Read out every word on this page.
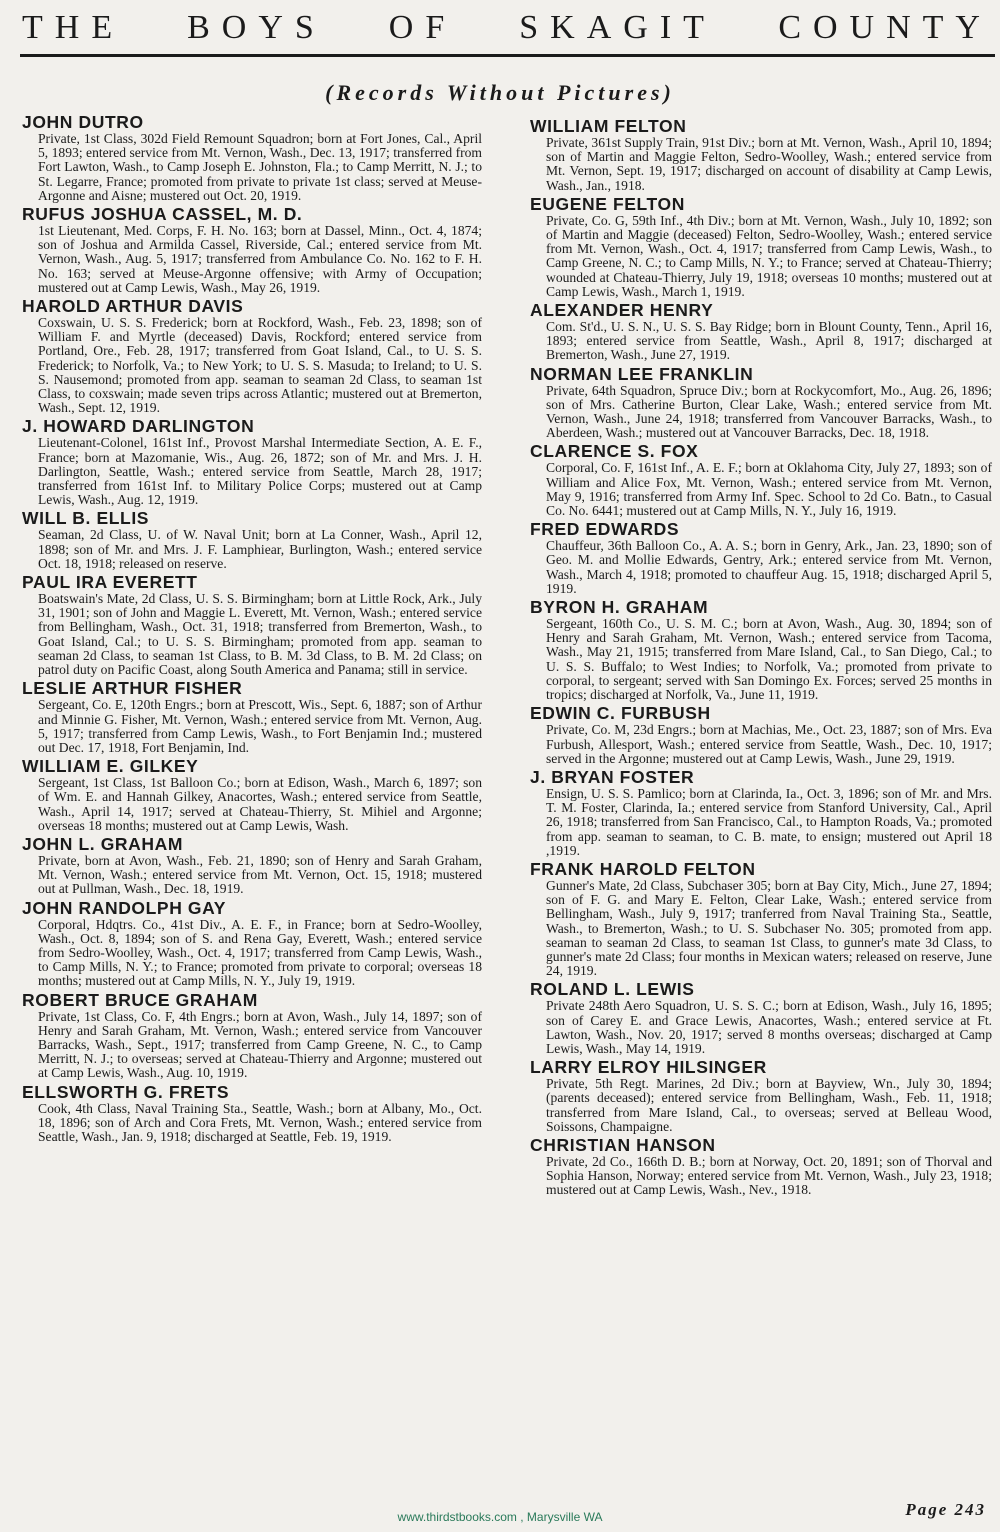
THE BOYS OF SKAGIT COUNTY
(Records Without Pictures)
JOHN DUTRO
Private, 1st Class, 302d Field Remount Squadron; born at Fort Jones, Cal., April 5, 1893; entered service from Mt. Vernon, Wash., Dec. 13, 1917; transferred from Fort Lawton, Wash., to Camp Joseph E. Johnston, Fla.; to Camp Merritt, N. J.; to St. Legarre, France; promoted from private to private 1st class; served at Meuse-Argonne and Aisne; mustered out Oct. 20, 1919.
RUFUS JOSHUA CASSEL, M. D.
1st Lieutenant, Med. Corps, F. H. No. 163; born at Dassel, Minn., Oct. 4, 1874; son of Joshua and Armilda Cassel, Riverside, Cal.; entered service from Mt. Vernon, Wash., Aug. 5, 1917; transferred from Ambulance Co. No. 162 to F. H. No. 163; served at Meuse-Argonne offensive; with Army of Occupation; mustered out at Camp Lewis, Wash., May 26, 1919.
HAROLD ARTHUR DAVIS
Coxswain, U. S. S. Frederick; born at Rockford, Wash., Feb. 23, 1898; son of William F. and Myrtle (deceased) Davis, Rockford; entered service from Portland, Ore., Feb. 28, 1917; transferred from Goat Island, Cal., to U. S. S. Frederick; to Norfolk, Va.; to New York; to U. S. S. Masuda; to Ireland; to U. S. S. Nausemond; promoted from app. seaman to seaman 2d Class, to seaman 1st Class, to coxswain; made seven trips across Atlantic; mustered out at Bremerton, Wash., Sept. 12, 1919.
J. HOWARD DARLINGTON
Lieutenant-Colonel, 161st Inf., Provost Marshal Intermediate Section, A. E. F., France; born at Mazomanie, Wis., Aug. 26, 1872; son of Mr. and Mrs. J. H. Darlington, Seattle, Wash.; entered service from Seattle, March 28, 1917; transferred from 161st Inf. to Military Police Corps; mustered out at Camp Lewis, Wash., Aug. 12, 1919.
WILL B. ELLIS
Seaman, 2d Class, U. of W. Naval Unit; born at La Conner, Wash., April 12, 1898; son of Mr. and Mrs. J. F. Lamphiear, Burlington, Wash.; entered service Oct. 18, 1918; released on reserve.
PAUL IRA EVERETT
Boatswain's Mate, 2d Class, U. S. S. Birmingham; born at Little Rock, Ark., July 31, 1901; son of John and Maggie L. Everett, Mt. Vernon, Wash.; entered service from Bellingham, Wash., Oct. 31, 1918; transferred from Bremerton, Wash., to Goat Island, Cal.; to U. S. S. Birmingham; promoted from app. seaman to seaman 2d Class, to seaman 1st Class, to B. M. 3d Class, to B. M. 2d Class; on patrol duty on Pacific Coast, along South America and Panama; still in service.
LESLIE ARTHUR FISHER
Sergeant, Co. E, 120th Engrs.; born at Prescott, Wis., Sept. 6, 1887; son of Arthur and Minnie G. Fisher, Mt. Vernon, Wash.; entered service from Mt. Vernon, Aug. 5, 1917; transferred from Camp Lewis, Wash., to Fort Benjamin Ind.; mustered out Dec. 17, 1918, Fort Benjamin, Ind.
WILLIAM E. GILKEY
Sergeant, 1st Class, 1st Balloon Co.; born at Edison, Wash., March 6, 1897; son of Wm. E. and Hannah Gilkey, Anacortes, Wash.; entered service from Seattle, Wash., April 14, 1917; served at Chateau-Thierry, St. Mihiel and Argonne; overseas 18 months; mustered out at Camp Lewis, Wash.
JOHN L. GRAHAM
Private, born at Avon, Wash., Feb. 21, 1890; son of Henry and Sarah Graham, Mt. Vernon, Wash.; entered service from Mt. Vernon, Oct. 15, 1918; mustered out at Pullman, Wash., Dec. 18, 1919.
JOHN RANDOLPH GAY
Corporal, Hdqtrs. Co., 41st Div., A. E. F., in France; born at Sedro-Woolley, Wash., Oct. 8, 1894; son of S. and Rena Gay, Everett, Wash.; entered service from Sedro-Woolley, Wash., Oct. 4, 1917; transferred from Camp Lewis, Wash., to Camp Mills, N. Y.; to France; promoted from private to corporal; overseas 18 months; mustered out at Camp Mills, N. Y., July 19, 1919.
ROBERT BRUCE GRAHAM
Private, 1st Class, Co. F, 4th Engrs.; born at Avon, Wash., July 14, 1897; son of Henry and Sarah Graham, Mt. Vernon, Wash.; entered service from Vancouver Barracks, Wash., Sept., 1917; transferred from Camp Greene, N. C., to Camp Merritt, N. J.; to overseas; served at Chateau-Thierry and Argonne; mustered out at Camp Lewis, Wash., Aug. 10, 1919.
ELLSWORTH G. FRETS
Cook, 4th Class, Naval Training Sta., Seattle, Wash.; born at Albany, Mo., Oct. 18, 1896; son of Arch and Cora Frets, Mt. Vernon, Wash.; entered service from Seattle, Wash., Jan. 9, 1918; discharged at Seattle, Feb. 19, 1919.
WILLIAM FELTON
Private, 361st Supply Train, 91st Div.; born at Mt. Vernon, Wash., April 10, 1894; son of Martin and Maggie Felton, Sedro-Woolley, Wash.; entered service from Mt. Vernon, Sept. 19, 1917; discharged on account of disability at Camp Lewis, Wash., Jan., 1918.
EUGENE FELTON
Private, Co. G, 59th Inf., 4th Div.; born at Mt. Vernon, Wash., July 10, 1892; son of Martin and Maggie (deceased) Felton, Sedro-Woolley, Wash.; entered service from Mt. Vernon, Wash., Oct. 4, 1917; transferred from Camp Lewis, Wash., to Camp Greene, N. C.; to Camp Mills, N. Y.; to France; served at Chateau-Thierry; wounded at Chateau-Thierry, July 19, 1918; overseas 10 months; mustered out at Camp Lewis, Wash., March 1, 1919.
ALEXANDER HENRY
Com. St'd., U. S. N., U. S. S. Bay Ridge; born in Blount County, Tenn., April 16, 1893; entered service from Seattle, Wash., April 8, 1917; discharged at Bremerton, Wash., June 27, 1919.
NORMAN LEE FRANKLIN
Private, 64th Squadron, Spruce Div.; born at Rockycomfort, Mo., Aug. 26, 1896; son of Mrs. Catherine Burton, Clear Lake, Wash.; entered service from Mt. Vernon, Wash., June 24, 1918; transferred from Vancouver Barracks, Wash., to Aberdeen, Wash.; mustered out at Vancouver Barracks, Dec. 18, 1918.
CLARENCE S. FOX
Corporal, Co. F, 161st Inf., A. E. F.; born at Oklahoma City, July 27, 1893; son of William and Alice Fox, Mt. Vernon, Wash.; entered service from Mt. Vernon, May 9, 1916; transferred from Army Inf. Spec. School to 2d Co. Batn., to Casual Co. No. 6441; mustered out at Camp Mills, N. Y., July 16, 1919.
FRED EDWARDS
Chauffeur, 36th Balloon Co., A. A. S.; born in Genry, Ark., Jan. 23, 1890; son of Geo. M. and Mollie Edwards, Gentry, Ark.; entered service from Mt. Vernon, Wash., March 4, 1918; promoted to chauffeur Aug. 15, 1918; discharged April 5, 1919.
BYRON H. GRAHAM
Sergeant, 160th Co., U. S. M. C.; born at Avon, Wash., Aug. 30, 1894; son of Henry and Sarah Graham, Mt. Vernon, Wash.; entered service from Tacoma, Wash., May 21, 1915; transferred from Mare Island, Cal., to San Diego, Cal.; to U. S. S. Buffalo; to West Indies; to Norfolk, Va.; promoted from private to corporal, to sergeant; served with San Domingo Ex. Forces; served 25 months in tropics; discharged at Norfolk, Va., June 11, 1919.
EDWIN C. FURBUSH
Private, Co. M, 23d Engrs.; born at Machias, Me., Oct. 23, 1887; son of Mrs. Eva Furbush, Allesport, Wash.; entered service from Seattle, Wash., Dec. 10, 1917; served in the Argonne; mustered out at Camp Lewis, Wash., June 29, 1919.
J. BRYAN FOSTER
Ensign, U. S. S. Pamlico; born at Clarinda, Ia., Oct. 3, 1896; son of Mr. and Mrs. T. M. Foster, Clarinda, Ia.; entered service from Stanford University, Cal., April 26, 1918; transferred from San Francisco, Cal., to Hampton Roads, Va.; promoted from app. seaman to seaman, to C. B. mate, to ensign; mustered out April 18 ,1919.
FRANK HAROLD FELTON
Gunner's Mate, 2d Class, Subchaser 305; born at Bay City, Mich., June 27, 1894; son of F. G. and Mary E. Felton, Clear Lake, Wash.; entered service from Bellingham, Wash., July 9, 1917; tranferred from Naval Training Sta., Seattle, Wash., to Bremerton, Wash.; to U. S. Subchaser No. 305; promoted from app. seaman to seaman 2d Class, to seaman 1st Class, to gunner's mate 3d Class, to gunner's mate 2d Class; four months in Mexican waters; released on reserve, June 24, 1919.
ROLAND L. LEWIS
Private 248th Aero Squadron, U. S. S. C.; born at Edison, Wash., July 16, 1895; son of Carey E. and Grace Lewis, Anacortes, Wash.; entered service at Ft. Lawton, Wash., Nov. 20, 1917; served 8 months overseas; discharged at Camp Lewis, Wash., May 14, 1919.
LARRY ELROY HILSINGER
Private, 5th Regt. Marines, 2d Div.; born at Bayview, Wn., July 30, 1894; (parents deceased); entered service from Bellingham, Wash., Feb. 11, 1918; transferred from Mare Island, Cal., to overseas; served at Belleau Wood, Soissons, Champaigne.
CHRISTIAN HANSON
Private, 2d Co., 166th D. B.; born at Norway, Oct. 20, 1891; son of Thorval and Sophia Hanson, Norway; entered service from Mt. Vernon, Wash., July 23, 1918; mustered out at Camp Lewis, Wash., Nev., 1918.
www.thirdstbooks.com , Marysville WA	Page 243
